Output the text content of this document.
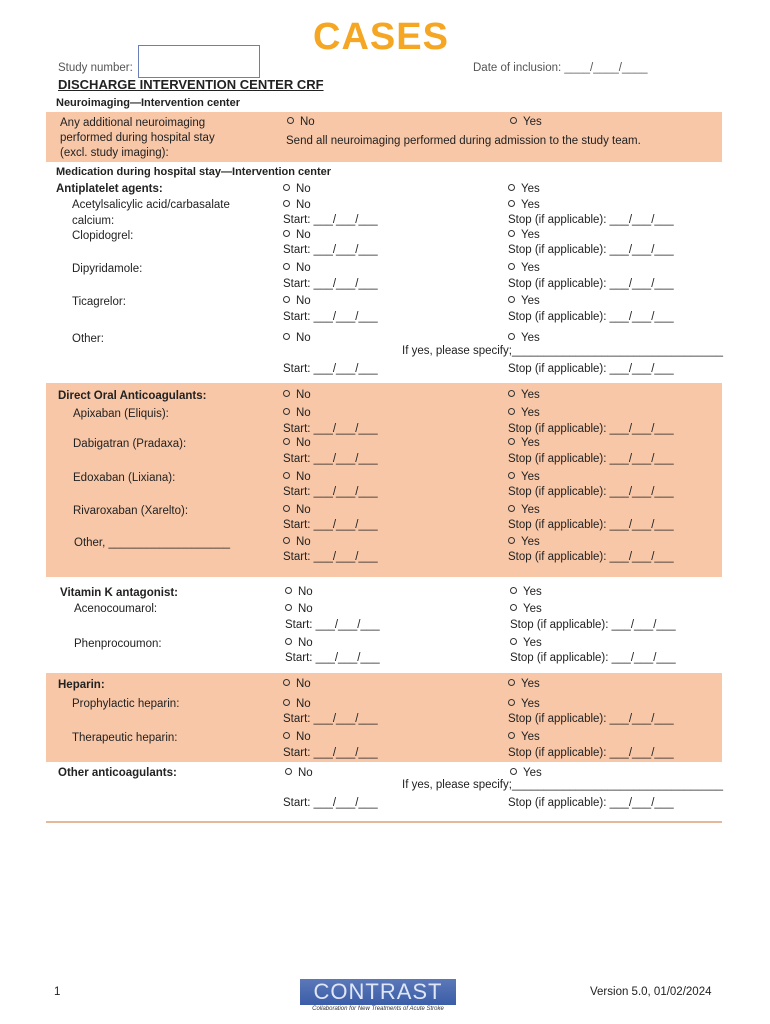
CASES
Study number:	Date of inclusion: ____/____/____
DISCHARGE INTERVENTION CENTER CRF
Neuroimaging—Intervention center
Any additional neuroimaging
performed during hospital stay
(excl. study imaging):
No	Yes
Send all neuroimaging performed during admission to the study team.
Medication during hospital stay—Intervention center
Antiplatelet agents:	No	Yes
Acetylsalicylic acid/carbasalate
calcium:
No	Yes
Start: ___/___/___	Stop (if applicable): ___/___/___
Clopidogrel:	No	Yes
Start: ___/___/___	Stop (if applicable): ___/___/___
Dipyridamole:	No	Yes
Start: ___/___/___	Stop (if applicable): ___/___/___
Ticagrelor:	No	Yes
Start: ___/___/___	Stop (if applicable): ___/___/___
Other:	No	Yes
If yes, please specify;_________________________________
Start: ___/___/___	Stop (if applicable): ___/___/___
Direct Oral Anticoagulants:	No	Yes
Apixaban (Eliquis):	No	Yes
Start: ___/___/___	Stop (if applicable): ___/___/___
Dabigatran (Pradaxa):	No	Yes
Start: ___/___/___	Stop (if applicable): ___/___/___
Edoxaban (Lixiana):	No	Yes
Start: ___/___/___	Stop (if applicable): ___/___/___
Rivaroxaban (Xarelto):	No	Yes
Start: ___/___/___	Stop (if applicable): ___/___/___
Other, ___________________	No	Yes
Start: ___/___/___	Stop (if applicable): ___/___/___
Vitamin K antagonist:	No	Yes
Acenocoumarol:	No	Yes
Start: ___/___/___	Stop (if applicable): ___/___/___
Phenprocoumon:	No	Yes
Start: ___/___/___	Stop (if applicable): ___/___/___
Heparin:	No	Yes
Prophylactic heparin:	No	Yes
Start: ___/___/___	Stop (if applicable): ___/___/___
Therapeutic heparin:	No	Yes
Start: ___/___/___	Stop (if applicable): ___/___/___
Other anticoagulants:	No	Yes
If yes, please specify;_________________________________
Start: ___/___/___	Stop (if applicable): ___/___/___
1	CONTRAST
Collaboration for New Treatments of Acute Stroke
Version 5.0, 01/02/2024
